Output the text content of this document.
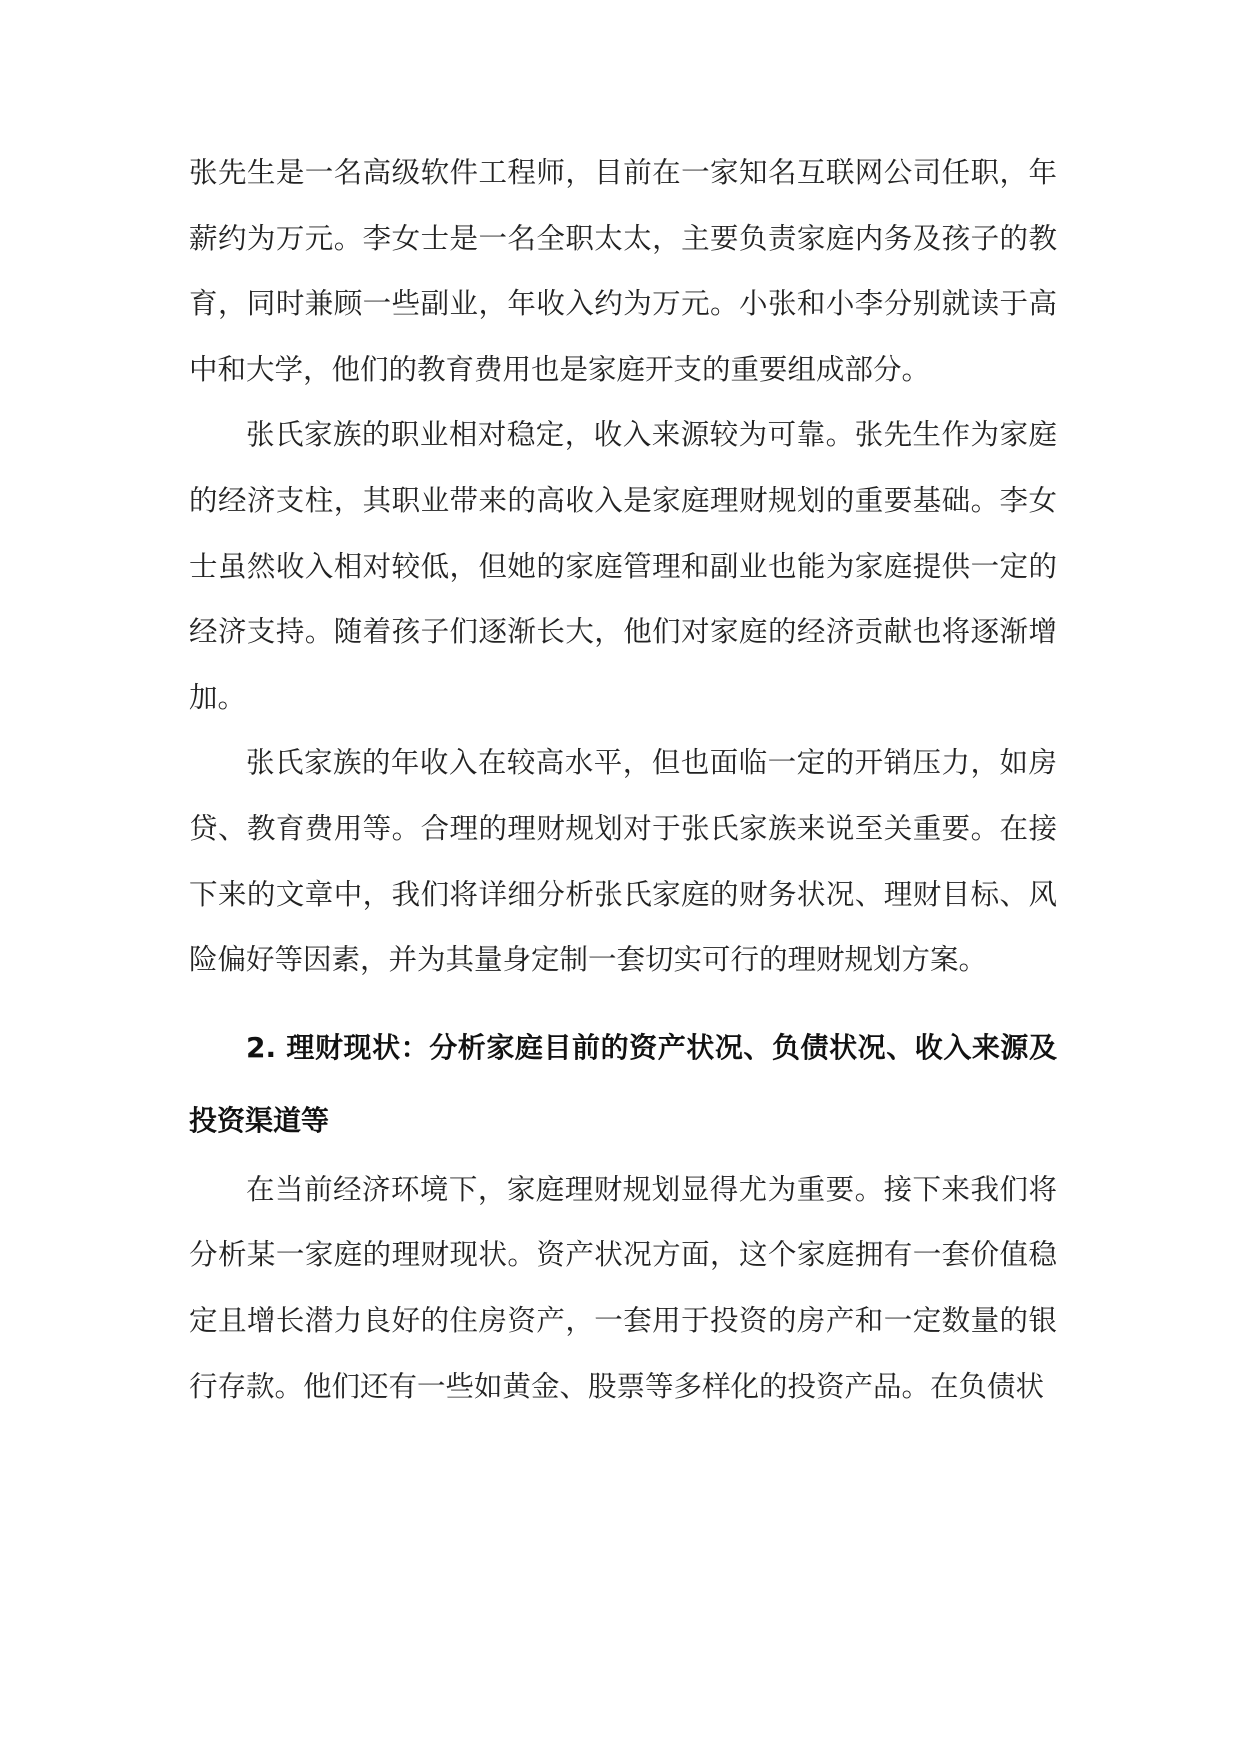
张先生是一名高级软件工程师，目前在一家知名互联网公司任职，年薪约为万元。李女士是一名全职太太，主要负责家庭内务及孩子的教育，同时兼顾一些副业，年收入约为万元。小张和小李分别就读于高中和大学，他们的教育费用也是家庭开支的重要组成部分。

张氏家族的职业相对稳定，收入来源较为可靠。张先生作为家庭的经济支柱，其职业带来的高收入是家庭理财规划的重要基础。李女士虽然收入相对较低，但她的家庭管理和副业也能为家庭提供一定的经济支持。随着孩子们逐渐长大，他们对家庭的经济贡献也将逐渐增加。

张氏家族的年收入在较高水平，但也面临一定的开销压力，如房贷、教育费用等。合理的理财规划对于张氏家族来说至关重要。在接下来的文章中，我们将详细分析张氏家庭的财务状况、理财目标、风险偏好等因素，并为其量身定制一套切实可行的理财规划方案。

2. 理财现状：分析家庭目前的资产状况、负债状况、收入来源及投资渠道等

在当前经济环境下，家庭理财规划显得尤为重要。接下来我们将分析某一家庭的理财现状。资产状况方面，这个家庭拥有一套价值稳定且增长潜力良好的住房资产，一套用于投资的房产和一定数量的银行存款。他们还有一些如黄金、股票等多样化的投资产品。在负债状
